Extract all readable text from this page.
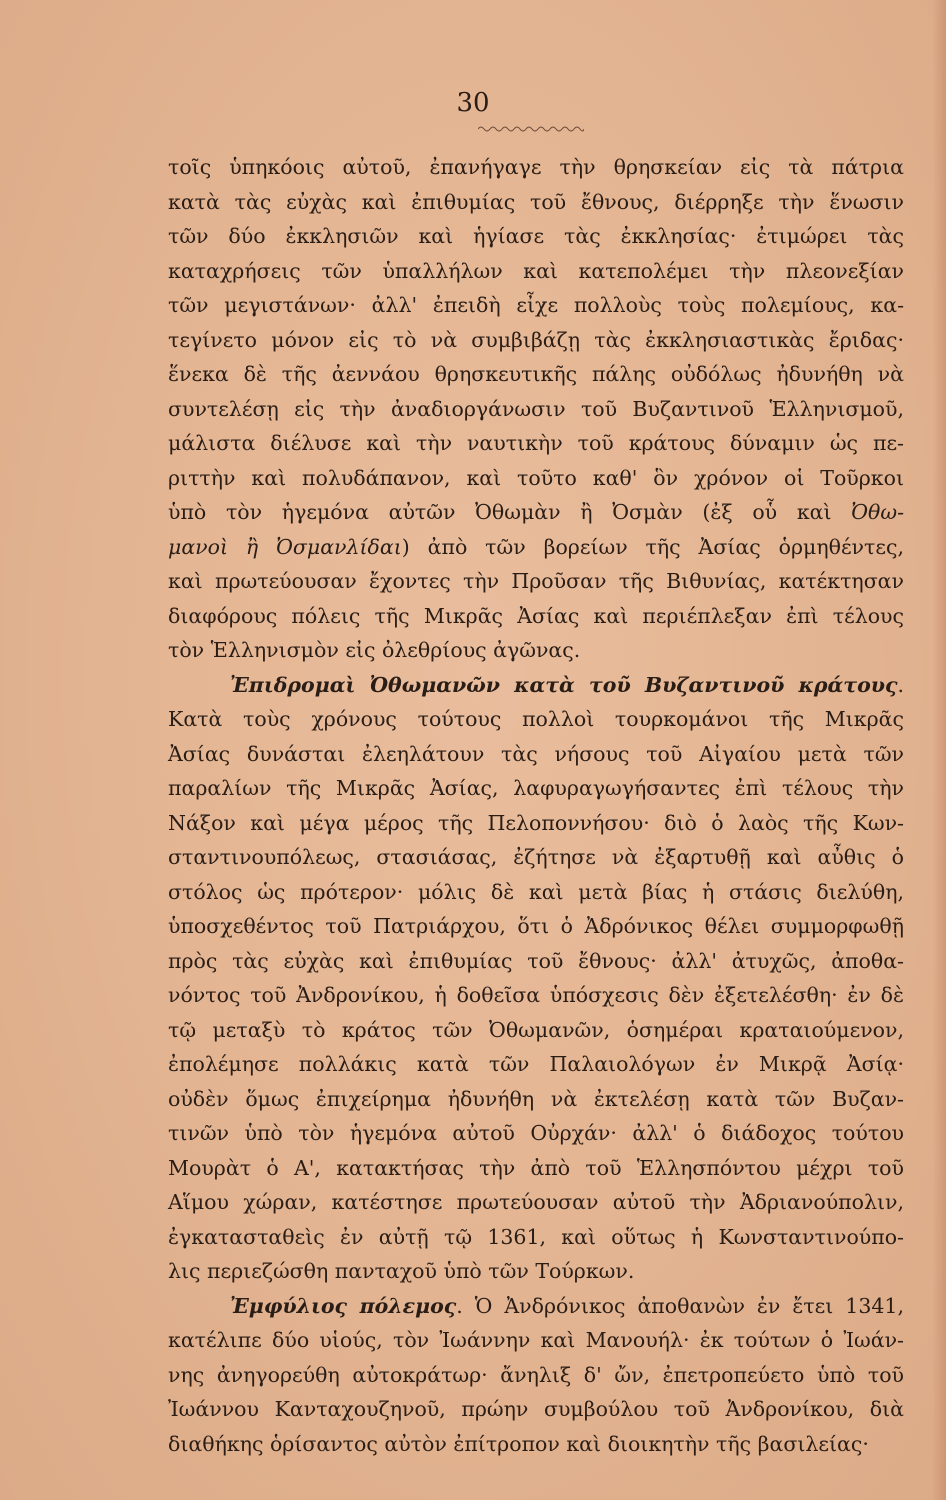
30
τοῖς ὑπηκόοις αὐτοῦ, ἐπανήγαγε τὴν θρησκείαν εἰς τὰ πάτρια
κατὰ τὰς εὐχὰς καὶ ἐπιθυμίας τοῦ ἔθνους, διέρρηξε τὴν ἕνωσιν
τῶν δύο ἐκκλησιῶν καὶ ἡγίασε τὰς ἐκκλησίας· ἐτιμώρει τὰς
καταχρήσεις τῶν ὑπαλλήλων καὶ κατεπολέμει τὴν πλεονεξίαν
τῶν μεγιστάνων· ἀλλ' ἐπειδὴ εἶχε πολλοὺς τοὺς πολεμίους, κα-
τεγίνετο μόνον εἰς τὸ νὰ συμβιβάζῃ τὰς ἐκκλησιαστικὰς ἔριδας·
ἕνεκα δὲ τῆς ἀεννάου θρησκευτικῆς πάλης οὐδόλως ἠδυνήθη νὰ
συντελέσῃ εἰς τὴν ἀναδιοργάνωσιν τοῦ Βυζαντινοῦ Ἑλληνισμοῦ,
μάλιστα διέλυσε καὶ τὴν ναυτικὴν τοῦ κράτους δύναμιν ὡς πε-
ριττὴν καὶ πολυδάπανον, καὶ τοῦτο καθ' ὃν χρόνον οἱ Τοῦρκοι
ὑπὸ τὸν ἡγεμόνα αὐτῶν Ὀθωμὰν ἢ Ὀσμὰν (ἐξ οὗ καὶ Ὀθω-
μανοὶ ἢ Ὀσμανλίδαι) ἀπὸ τῶν βορείων τῆς Ἀσίας ὁρμηθέντες,
καὶ πρωτεύουσαν ἔχοντες τὴν Προῦσαν τῆς Βιθυνίας, κατέκτησαν
διαφόρους πόλεις τῆς Μικρᾶς Ἀσίας καὶ περιέπλεξαν ἐπὶ τέλους
τὸν Ἑλληνισμὸν εἰς ὀλεθρίους ἀγῶνας.
Ἐπιδρομαὶ Ὀθωμανῶν κατὰ τοῦ Βυζαντινοῦ κράτους.
Κατὰ τοὺς χρόνους τούτους πολλοὶ τουρκομάνοι τῆς Μικρᾶς
Ἀσίας δυνάσται ἐλεηλάτουν τὰς νήσους τοῦ Αἰγαίου μετὰ τῶν
παραλίων τῆς Μικρᾶς Ἀσίας, λαφυραγωγήσαντες ἐπὶ τέλους τὴν
Νάξον καὶ μέγα μέρος τῆς Πελοποννήσου· διὸ ὁ λαὸς τῆς Κων-
σταντινουπόλεως, στασιάσας, ἐζήτησε νὰ ἐξαρτυθῇ καὶ αὖθις ὁ
στόλος ὡς πρότερον· μόλις δὲ καὶ μετὰ βίας ἡ στάσις διελύθη,
ὑποσχεθέντος τοῦ Πατριάρχου, ὅτι ὁ Ἀδρόνικος θέλει συμμορφωθῇ
πρὸς τὰς εὐχὰς καὶ ἐπιθυμίας τοῦ ἔθνους· ἀλλ' ἀτυχῶς, ἀποθα-
νόντος τοῦ Ἀνδρονίκου, ἡ δοθεῖσα ὑπόσχεσις δὲν ἐξετελέσθη· ἐν δὲ
τῷ μεταξὺ τὸ κράτος τῶν Ὀθωμανῶν, ὁσημέραι κραταιούμενον,
ἐπολέμησε πολλάκις κατὰ τῶν Παλαιολόγων ἐν Μικρᾷ Ἀσίᾳ·
οὐδὲν ὅμως ἐπιχείρημα ἠδυνήθη νὰ ἐκτελέσῃ κατὰ τῶν Βυζαν-
τινῶν ὑπὸ τὸν ἡγεμόνα αὐτοῦ Οὐρχάν· ἀλλ' ὁ διάδοχος τούτου
Μουρὰτ ὁ Α', κατακτήσας τὴν ἀπὸ τοῦ Ἑλλησπόντου μέχρι τοῦ
Αἵμου χώραν, κατέστησε πρωτεύουσαν αὐτοῦ τὴν Ἀδριανούπολιν,
ἐγκατασταθεὶς ἐν αὐτῇ τῷ 1361, καὶ οὕτως ἡ Κωνσταντινούπο-
λις περιεζώσθη πανταχοῦ ὑπὸ τῶν Τούρκων.
Ἐμφύλιος πόλεμος. Ὁ Ἀνδρόνικος ἀποθανὼν ἐν ἔτει 1341,
κατέλιπε δύο υἱούς, τὸν Ἰωάννην καὶ Μανουήλ· ἐκ τούτων ὁ Ἰωάν-
νης ἀνηγορεύθη αὐτοκράτωρ· ἄνηλιξ δ' ὤν, ἐπετροπεύετο ὑπὸ τοῦ
Ἰωάννου Κανταχουζηνοῦ, πρώην συμβούλου τοῦ Ἀνδρονίκου, διὰ
διαθήκης ὁρίσαντος αὐτὸν ἐπίτροπον καὶ διοικητὴν τῆς βασιλείας·
